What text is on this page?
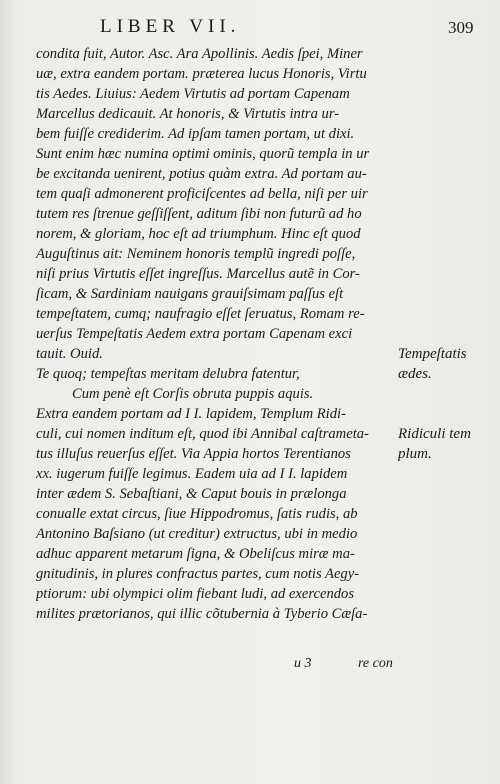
LIBER VII.	309
condita fuit, Autor. Asc. Ara Apollinis. Aedis ſpei, Miner
uæ, extra eandem portam. præterea lucus Honoris, Virtu
tis Aedes. Liuius: Aedem Virtutis ad portam Capenam
Marcellus dedicauit. At honoris, & Virtutis intra ur-
bem fuiſſe crediderim. Ad ipſam tamen portam, ut dixi.
Sunt enim hæc numina optimi ominis, quorũ templa in ur
be excitanda uenirent, potius quàm extra. Ad portam au-
tem quaſi admonerent proficiſcentes ad bella, niſi per uir
tutem res ſtrenue geſſiſſent, aditum ſibi non futurũ ad ho
norem, & gloriam, hoc eſt ad triumphum. Hinc eſt quod
Auguſtinus ait: Neminem honoris templũ ingredi poſſe,
niſi prius Virtutis eſſet ingreſſus. Marcellus autẽ in Cor-
ſicam, & Sardiniam nauigans grauiſsimam paſſus eſt
tempeſtatem, cumq; naufragio eſſet ſeruatus, Romam re-
uerſus Tempeſtatis Aedem extra portam Capenam exci
tauit. Ouid.
Te quoq; tempeſtas meritam delubra fatentur,
Cum penè eſt Corſis obruta puppis aquis.
Extra eandem portam ad I I. lapidem, Templum Ridi-
culi, cui nomen inditum eſt, quod ibi Annibal caſtrameta-
tus illuſus reuerſus eſſet. Via Appia hortos Terentianos
xx. iugerum fuiſſe legimus. Eadem uia ad I I. lapidem
inter ædem S. Sebaſtiani, & Caput bouis in prælonga
conualle extat circus, ſiue Hippodromus, ſatis rudis, ab
Antonino Baſsiano (ut creditur) extructus, ubi in medio
adhuc apparent metarum ſigna, & Obeliſcus miræ ma-
gnitudinis, in plures confractus partes, cum notis Aegy-
ptiorum: ubi olympici olim fiebant ludi, ad exercendos
milites prætorianos, qui illic cõtubernia à Tyberio Cæſa-
Tempeſtatis
ædes.
Ridiculi tem
plum.
u 3	re con
